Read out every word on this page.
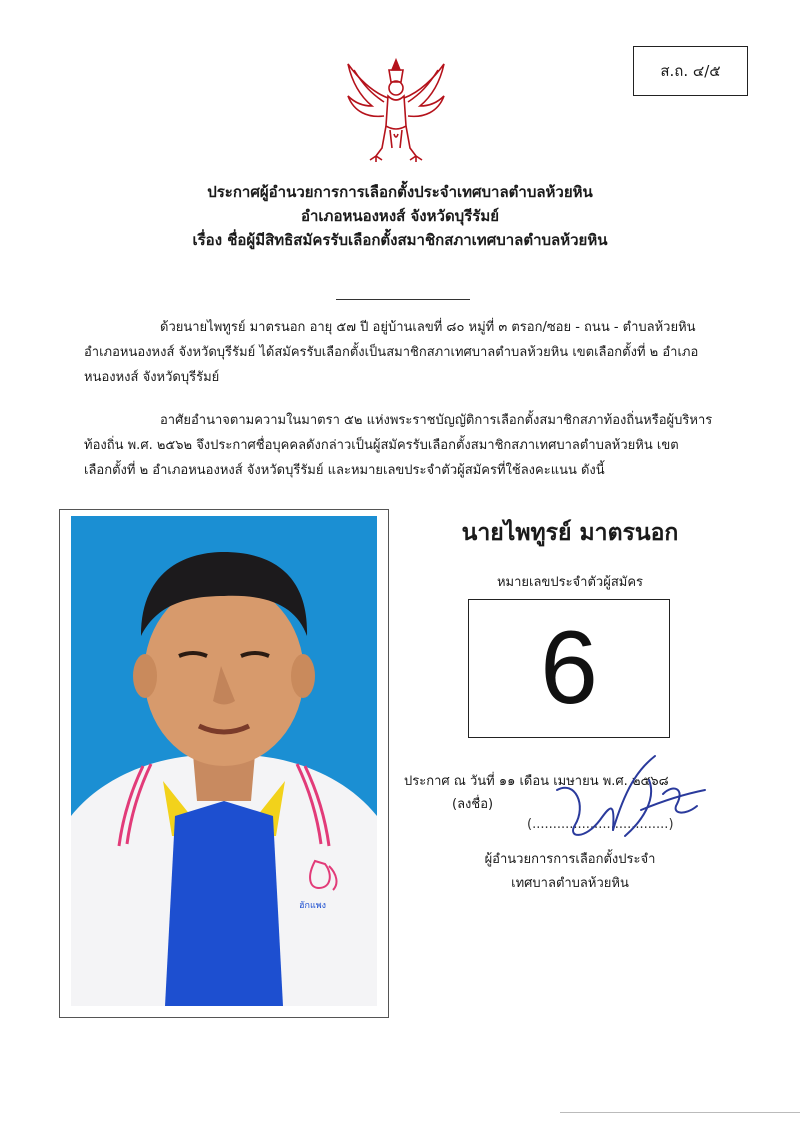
ส.ถ. ๔/๕
ประกาศผู้อำนวยการการเลือกตั้งประจำเทศบาลตำบลห้วยหิน
อำเภอหนองหงส์ จังหวัดบุรีรัมย์
เรื่อง ชื่อผู้มีสิทธิสมัครรับเลือกตั้งสมาชิกสภาเทศบาลตำบลห้วยหิน
ด้วยนายไพทูรย์ มาตรนอก อายุ ๕๗ ปี อยู่บ้านเลขที่ ๘๐ หมู่ที่ ๓ ตรอก/ซอย - ถนน - ตำบลห้วยหิน
อำเภอหนองหงส์ จังหวัดบุรีรัมย์ ได้สมัครรับเลือกตั้งเป็นสมาชิกสภาเทศบาลตำบลห้วยหิน เขตเลือกตั้งที่ ๒ อำเภอ
หนองหงส์ จังหวัดบุรีรัมย์
อาศัยอำนาจตามความในมาตรา ๕๒ แห่งพระราชบัญญัติการเลือกตั้งสมาชิกสภาท้องถิ่นหรือผู้บริหาร
ท้องถิ่น พ.ศ. ๒๕๖๒ จึงประกาศชื่อบุคคลดังกล่าวเป็นผู้สมัครรับเลือกตั้งสมาชิกสภาเทศบาลตำบลห้วยหิน เขต
เลือกตั้งที่ ๒ อำเภอหนองหงส์ จังหวัดบุรีรัมย์ และหมายเลขประจำตัวผู้สมัครที่ใช้ลงคะแนน ดังนี้
ฮักแพง
นายไพทูรย์ มาตรนอก
หมายเลขประจำตัวผู้สมัคร
6
ประกาศ ณ วันที่ ๑๑ เดือน เมษายน พ.ศ. ๒๕๖๘
(ลงชื่อ)
(.................................)
ผู้อำนวยการการเลือกตั้งประจำ
เทศบาลตำบลห้วยหิน
